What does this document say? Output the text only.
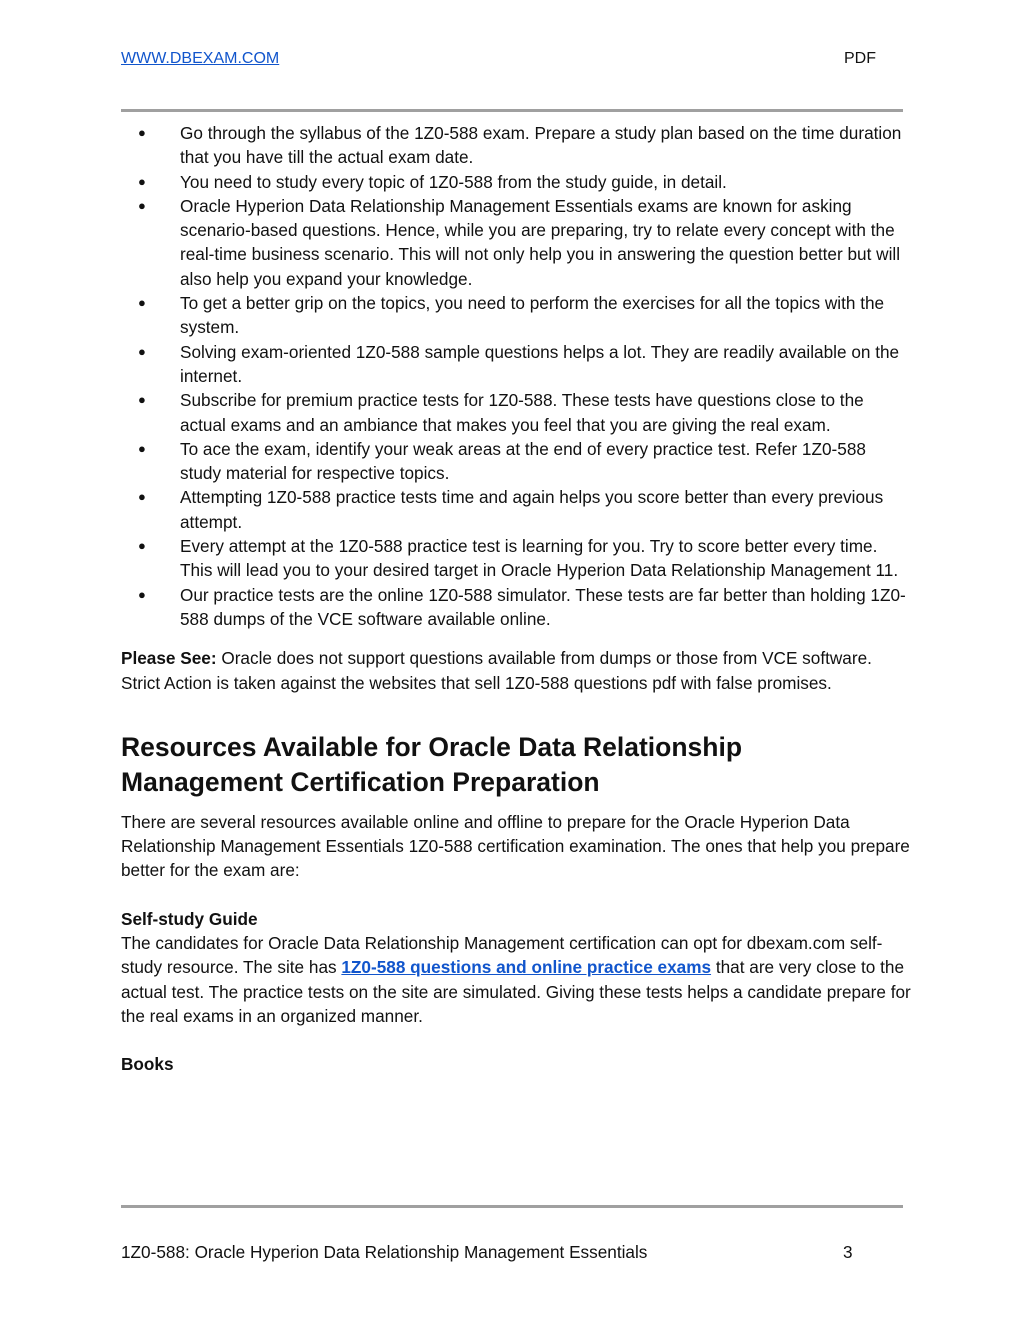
WWW.DBEXAM.COM	PDF
● Go through the syllabus of the 1Z0-588 exam. Prepare a study plan based on the time duration that you have till the actual exam date.
● You need to study every topic of 1Z0-588 from the study guide, in detail.
● Oracle Hyperion Data Relationship Management Essentials exams are known for asking scenario-based questions. Hence, while you are preparing, try to relate every concept with the real-time business scenario. This will not only help you in answering the question better but will also help you expand your knowledge.
● To get a better grip on the topics, you need to perform the exercises for all the topics with the system.
● Solving exam-oriented 1Z0-588 sample questions helps a lot. They are readily available on the internet.
● Subscribe for premium practice tests for 1Z0-588. These tests have questions close to the actual exams and an ambiance that makes you feel that you are giving the real exam.
● To ace the exam, identify your weak areas at the end of every practice test. Refer 1Z0-588 study material for respective topics.
● Attempting 1Z0-588 practice tests time and again helps you score better than every previous attempt.
● Every attempt at the 1Z0-588 practice test is learning for you. Try to score better every time. This will lead you to your desired target in Oracle Hyperion Data Relationship Management 11.
● Our practice tests are the online 1Z0-588 simulator. These tests are far better than holding 1Z0-588 dumps of the VCE software available online.

Please See: Oracle does not support questions available from dumps or those from VCE software. Strict Action is taken against the websites that sell 1Z0-588 questions pdf with false promises.

Resources Available for Oracle Data Relationship Management Certification Preparation

There are several resources available online and offline to prepare for the Oracle Hyperion Data Relationship Management Essentials 1Z0-588 certification examination. The ones that help you prepare better for the exam are:

Self-study Guide

The candidates for Oracle Data Relationship Management certification can opt for dbexam.com self-study resource. The site has 1Z0-588 questions and online practice exams that are very close to the actual test. The practice tests on the site are simulated. Giving these tests helps a candidate prepare for the real exams in an organized manner.

Books
1Z0-588: Oracle Hyperion Data Relationship Management Essentials	3
